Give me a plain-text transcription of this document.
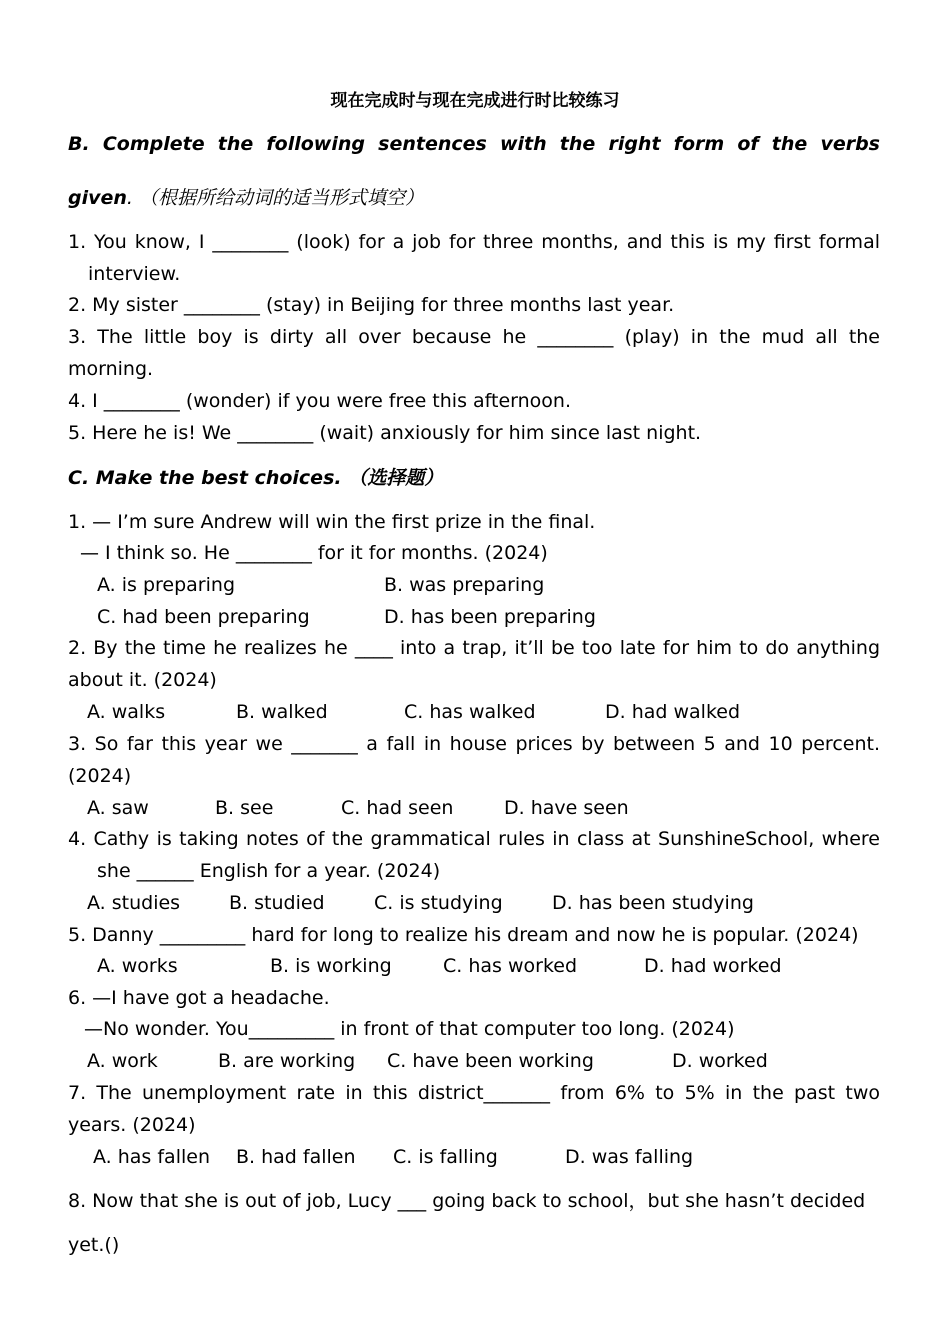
现在完成时与现在完成进行时比较练习
B. Complete the following sentences with the right form of the verbs
given. （根据所给动词的适当形式填空）
1. You know, I ________ (look) for a job for three months, and this is my first formal
interview.
2. My sister ________ (stay) in Beijing for three months last year.
3. The little boy is dirty all over because he ________ (play) in the mud all the
morning.
4. I ________ (wonder) if you were free this afternoon.
5. Here he is! We ________ (wait) anxiously for him since last night.
C. Make the best choices. （选择题）
1. — I’m sure Andrew will win the first prize in the final.
— I think so. He ________ for it for months. (2024)
A. is preparing	B. was preparing
C. had been preparing	D. has been preparing
2. By the time he realizes he ____ into a trap, it’ll be too late for him to do anything
about it. (2024)
A. walks	B. walked	C. has walked	D. had walked
3. So far this year we _______ a fall in house prices by between 5 and 10 percent.
(2024)
A. saw	B. see	C. had seen	D. have seen
4. Cathy is taking notes of the grammatical rules in class at SunshineSchool, where
she ______ English for a year. (2024)
A. studies	B. studied	C. is studying	D. has been studying
5. Danny _________ hard for long to realize his dream and now he is popular. (2024)
A. works	B. is working	C. has worked	D. had worked
6. —I have got a headache.
—No wonder. You_________ in front of that computer too long. (2024)
A. work	B. are working C. have been working	D. worked
7. The unemployment rate in this district_______ from 6% to 5% in the past two
years. (2024)
A. has fallen B. had fallen C. is falling	D. was falling
8. Now that she is out of job, Lucy ___ going back to school，but she hasn’t decided
yet.()
